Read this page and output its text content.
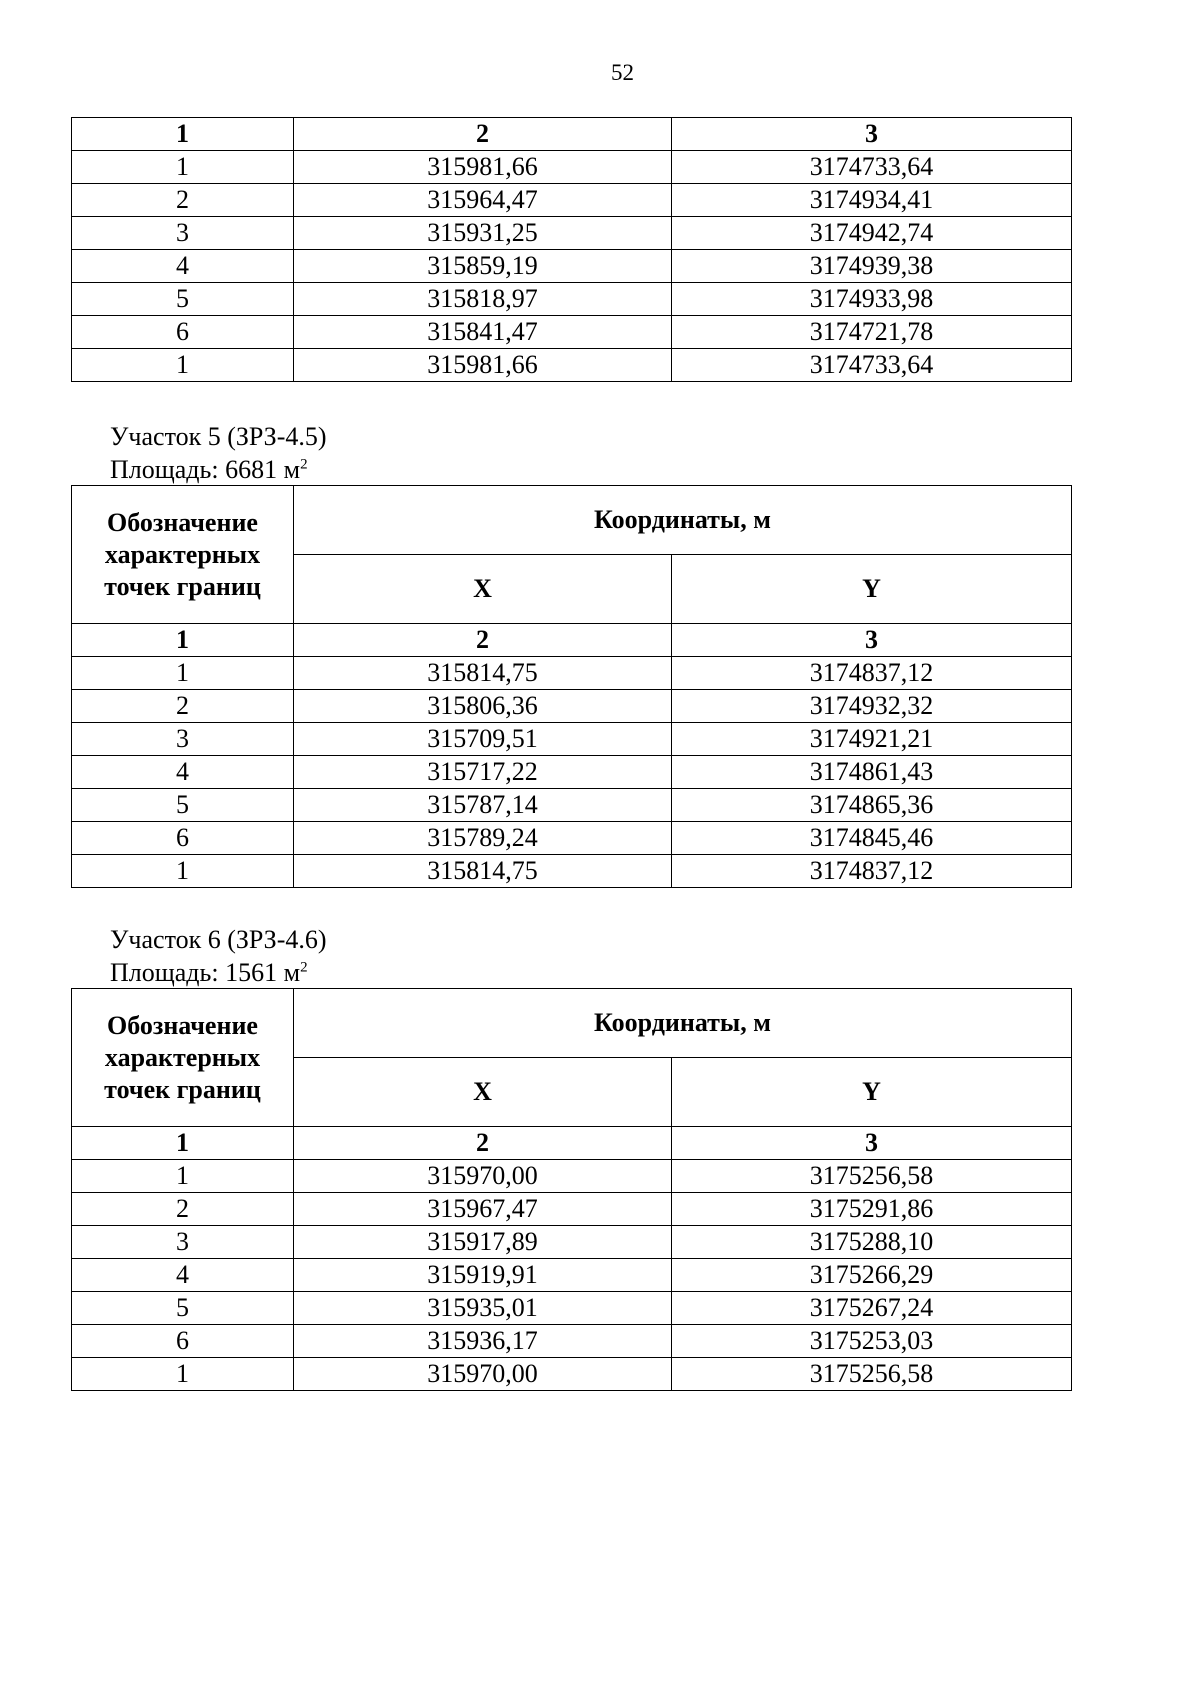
52
1	2	3
1	315981,66	3174733,64
2	315964,47	3174934,41
3	315931,25	3174942,74
4	315859,19	3174939,38
5	315818,97	3174933,98
6	315841,47	3174721,78
1	315981,66	3174733,64
Участок 5 (ЗРЗ-4.5)
Площадь: 6681 $м^2$
Обозначение характерных точек границ	Координаты, м	
	X	Y
1	2	3
1	315814,75	3174837,12
2	315806,36	3174932,32
3	315709,51	3174921,21
4	315717,22	3174861,43
5	315787,14	3174865,36
6	315789,24	3174845,46
1	315814,75	3174837,12
Участок 6 (ЗРЗ-4.6)
Площадь: 1561 $м^2$
Обозначение характерных точек границ	Координаты, м	
	X	Y
1	2	3
1	315970,00	3175256,58
2	315967,47	3175291,86
3	315917,89	3175288,10
4	315919,91	3175266,29
5	315935,01	3175267,24
6	315936,17	3175253,03
1	315970,00	3175256,58
